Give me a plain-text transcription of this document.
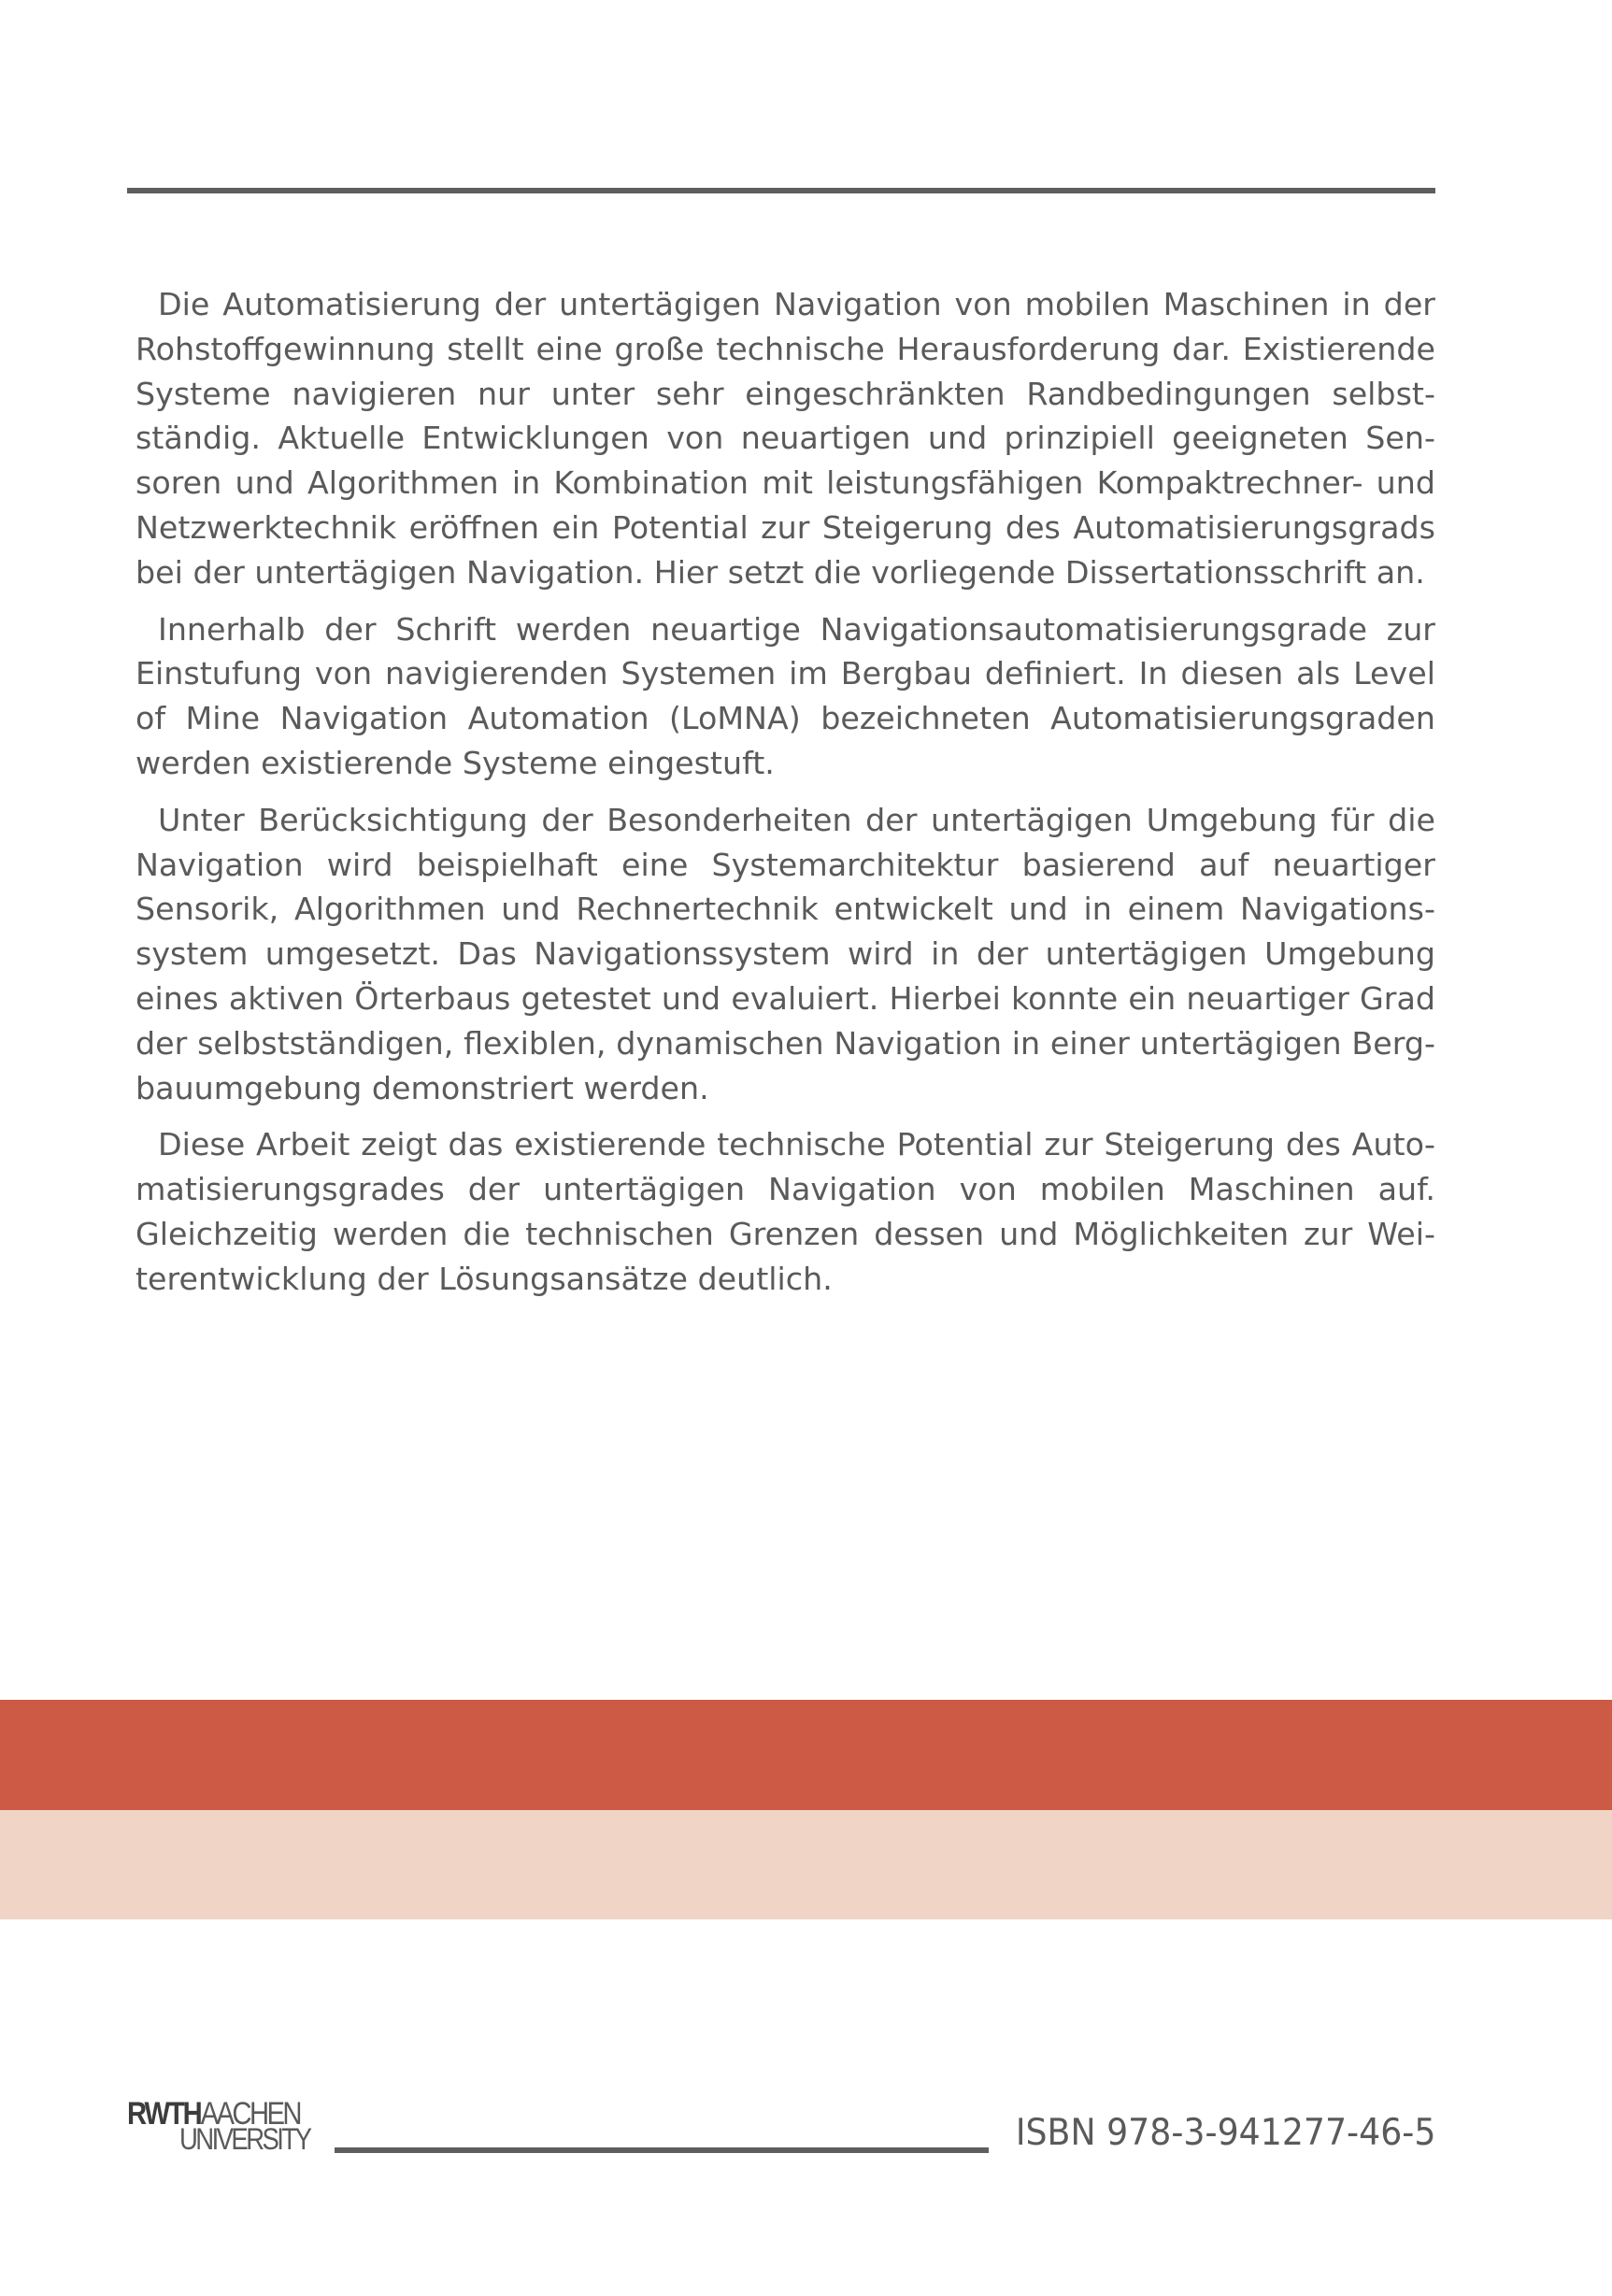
Die Automatisierung der untertägigen Navigation von mobilen Maschinen in der Rohstoffgewinnung stellt eine große technische Herausforderung dar. Existierende Systeme navigieren nur unter sehr eingeschränkten Randbedingungen selbstständig. Aktuelle Entwicklungen von neuartigen und prinzipiell geeigneten Sensoren und Algorithmen in Kombination mit leistungsfähigen Kompaktrechner- und Netzwerktechnik eröffnen ein Potential zur Steigerung des Automatisierungsgrads bei der untertägigen Navigation. Hier setzt die vorliegende Dissertationsschrift an.

Innerhalb der Schrift werden neuartige Navigationsautomatisierungsgrade zur Einstufung von navigierenden Systemen im Bergbau definiert. In diesen als Level of Mine Navigation Automation (LoMNA) bezeichneten Automatisierungsgraden werden existierende Systeme eingestuft.

Unter Berücksichtigung der Besonderheiten der untertägigen Umgebung für die Navigation wird beispielhaft eine Systemarchitektur basierend auf neuartiger Sensorik, Algorithmen und Rechnertechnik entwickelt und in einem Navigationssystem umgesetzt. Das Navigationssystem wird in der untertägigen Umgebung eines aktiven Örterbaus getestet und evaluiert. Hierbei konnte ein neuartiger Grad der selbstständigen, flexiblen, dynamischen Navigation in einer untertägigen Bergbauumgebung demonstriert werden.

Diese Arbeit zeigt das existierende technische Potential zur Steigerung des Automatisierungsgrades der untertägigen Navigation von mobilen Maschinen auf. Gleichzeitig werden die technischen Grenzen dessen und Möglichkeiten zur Weiterentwicklung der Lösungsansätze deutlich.

RWTHAACHEN
UNIVERSITY	ISBN 978-3-941277-46-5
